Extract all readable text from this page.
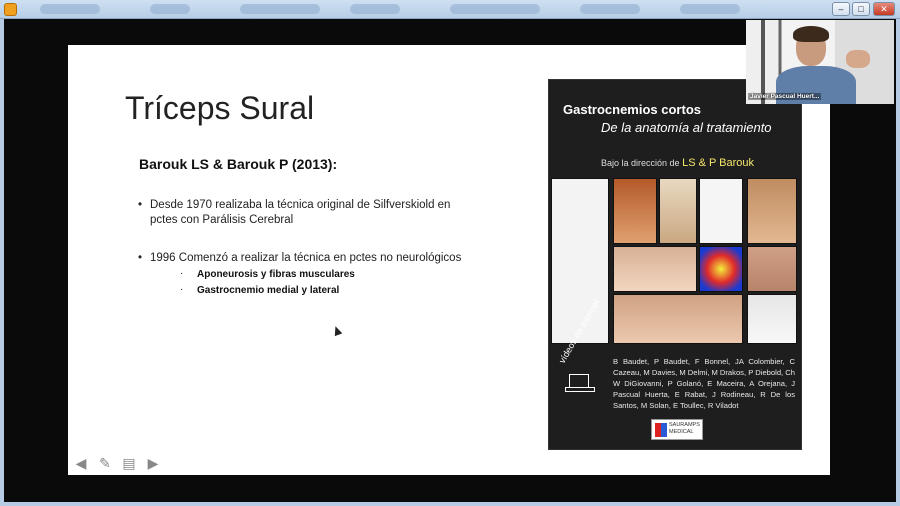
–	□	✕
Tríceps Sural
Barouk LS & Barouk P (2013):
• Desde 1970 realizaba la técnica original de Silfverskiold en pctes con Parálisis Cerebral
• 1996 Comenzó a realizar la técnica en pctes no neurológicos
· Aponeurosis y fibras musculares
· Gastrocnemio medial y lateral
Gastrocnemios cortos
De la anatomía al tratamiento
Bajo la dirección de LS & P Barouk
vídeos en Internet B Baudet, P Baudet, F Bonnel, JA Colombier, C Cazeau, M Davies, M Delmi, M Drakos, P Diebold, Ch W DiGiovanni, P Golanó, E Maceira, A Orejana, J Pascual Huerta, E Rabat, J Rodineau, R De los Santos, M Solan, E Toullec, R Viladot
SAURAMPS MEDICAL
◀ ✎ ▤ ▶
Javier Pascual Huert...
